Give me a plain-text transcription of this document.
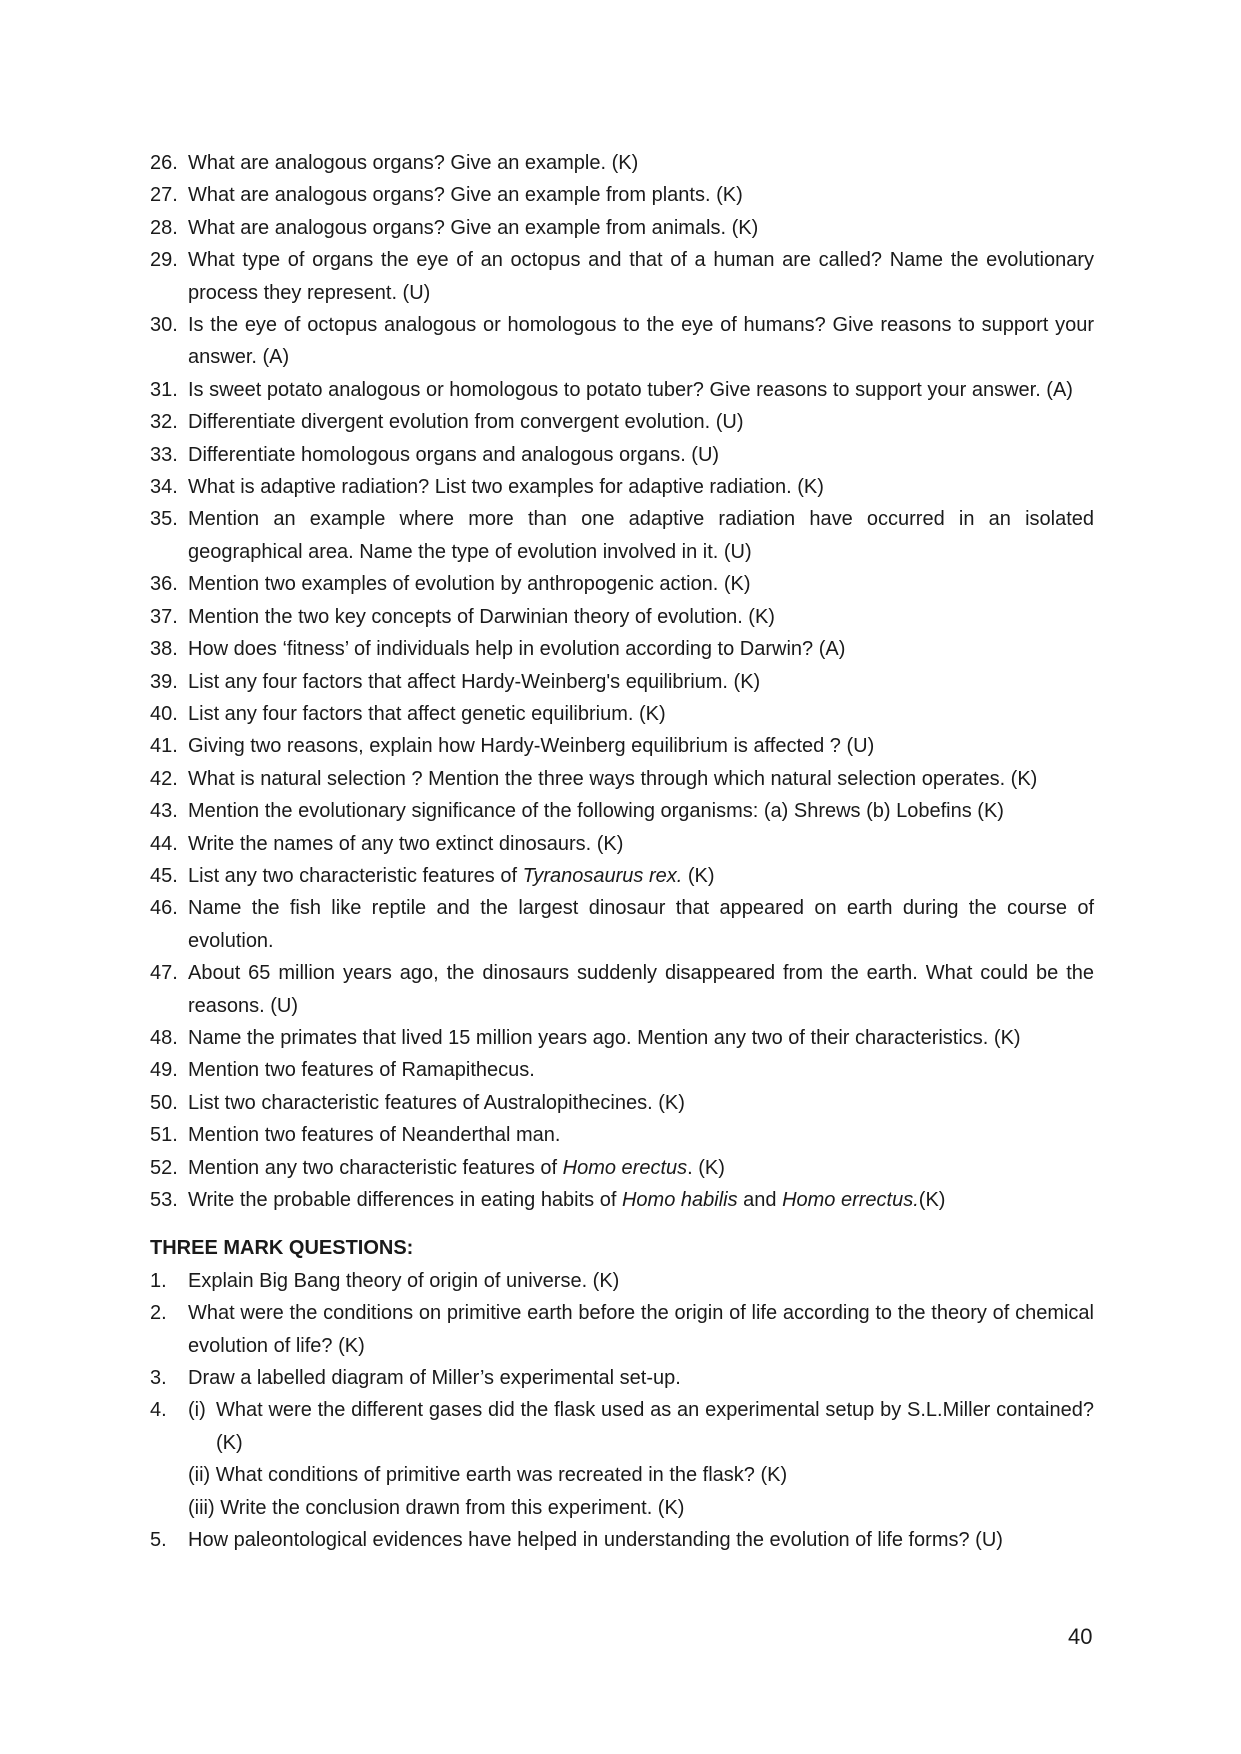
26. What are analogous organs? Give an example. (K)
27. What are analogous organs? Give an example from plants. (K)
28. What are analogous organs? Give an example from animals. (K)
29. What type of organs the eye of an octopus and that of a human are called? Name the evolutionary process they represent. (U)
30. Is the eye of octopus analogous or homologous to the eye of humans? Give reasons to support your answer. (A)
31. Is sweet potato analogous or homologous to potato tuber? Give reasons to support your answer. (A)
32. Differentiate divergent evolution from convergent evolution. (U)
33. Differentiate homologous organs and analogous organs. (U)
34. What is adaptive radiation? List two examples for adaptive radiation. (K)
35. Mention an example where more than one adaptive radiation have occurred in an isolated geographical area. Name the type of evolution involved in it. (U)
36. Mention two examples of evolution by anthropogenic action. (K)
37. Mention the two key concepts of Darwinian theory of evolution. (K)
38. How does ‘fitness’ of individuals help in evolution according to Darwin? (A)
39. List any four factors that affect Hardy-Weinberg's equilibrium. (K)
40. List any four factors that affect genetic equilibrium. (K)
41. Giving two reasons, explain how Hardy-Weinberg equilibrium is affected ? (U)
42. What is natural selection ? Mention the three ways through which natural selection operates. (K)
43. Mention the evolutionary significance of the following organisms: (a) Shrews (b) Lobefins (K)
44. Write the names of any two extinct dinosaurs. (K)
45. List any two characteristic features of Tyranosaurus rex. (K)
46. Name the fish like reptile and the largest dinosaur that appeared on earth during the course of evolution.
47. About 65 million years ago, the dinosaurs suddenly disappeared from the earth. What could be the reasons. (U)
48. Name the primates that lived 15 million years ago. Mention any two of their characteristics. (K)
49. Mention two features of Ramapithecus.
50. List two characteristic features of Australopithecines. (K)
51. Mention two features of Neanderthal man.
52. Mention any two characteristic features of Homo erectus. (K)
53. Write the probable differences in eating habits of Homo habilis and Homo errectus.(K)
THREE MARK QUESTIONS:
1. Explain Big Bang theory of origin of universe. (K)
2. What were the conditions on primitive earth before the origin of life according to the theory of chemical evolution of life? (K)
3. Draw a labelled diagram of Miller’s experimental set-up.
4. (i) What were the different gases did the flask used as an experimental setup by S.L.Miller contained? (K)
(ii) What conditions of primitive earth was recreated in the flask? (K)
(iii) Write the conclusion drawn from this experiment. (K)
5. How paleontological evidences have helped in understanding the evolution of life forms? (U)
40
